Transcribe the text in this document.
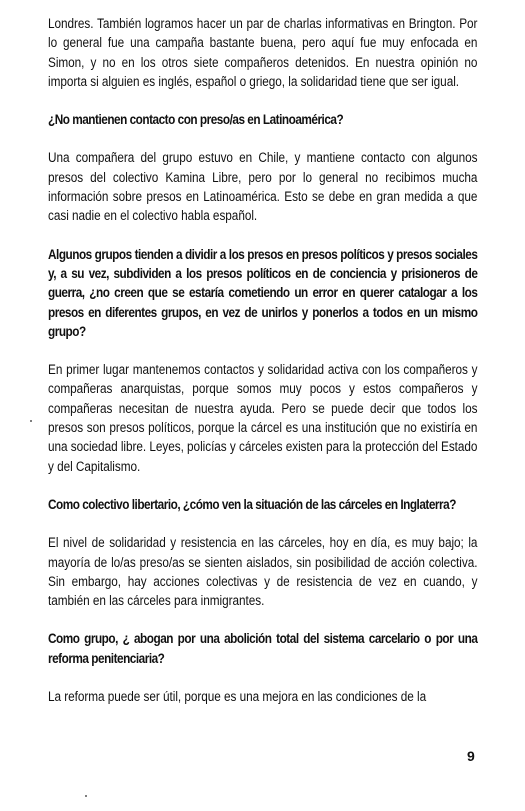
Londres. También logramos hacer un par de charlas informativas en Brington. Por lo general fue una campaña bastante buena, pero aquí fue muy enfocada en Simon, y no en los otros siete compañeros detenidos. En nuestra opinión no importa si alguien es inglés, español o griego, la solidaridad tiene que ser igual.

¿No mantienen contacto con preso/as en Latinoamérica?

Una compañera del grupo estuvo en Chile, y mantiene contacto con algunos presos del colectivo Kamina Libre, pero por lo general no recibimos mucha información sobre presos en Latinoamérica. Esto se debe en gran medida a que casi nadie en el colectivo habla español.

Algunos grupos tienden a dividir a los presos en presos políticos y presos sociales y, a su vez, subdividen a los presos políticos en de conciencia y prisioneros de guerra, ¿no creen que se estaría cometiendo un error en querer catalogar a los presos en diferentes grupos, en vez de unirlos y ponerlos a todos en un mismo grupo?

En primer lugar mantenemos contactos y solidaridad activa con los compañeros y compañeras anarquistas, porque somos muy pocos y estos compañeros y compañeras necesitan de nuestra ayuda. Pero se puede decir que todos los presos son presos políticos, porque la cárcel es una institución que no existiría en una sociedad libre. Leyes, policías y cárceles existen para la protección del Estado y del Capitalismo.

Como colectivo libertario, ¿cómo ven la situación de las cárceles en Inglaterra?

El nivel de solidaridad y resistencia en las cárceles, hoy en día, es muy bajo; la mayoría de lo/as preso/as se sienten aislados, sin posibilidad de acción colectiva. Sin embargo, hay acciones colectivas y de resistencia de vez en cuando, y también en las cárceles para inmigrantes.

Como grupo, ¿ abogan por una abolición total del sistema carcelario o por una reforma penitenciaria?

La reforma puede ser útil, porque es una mejora en las condiciones de la

9
